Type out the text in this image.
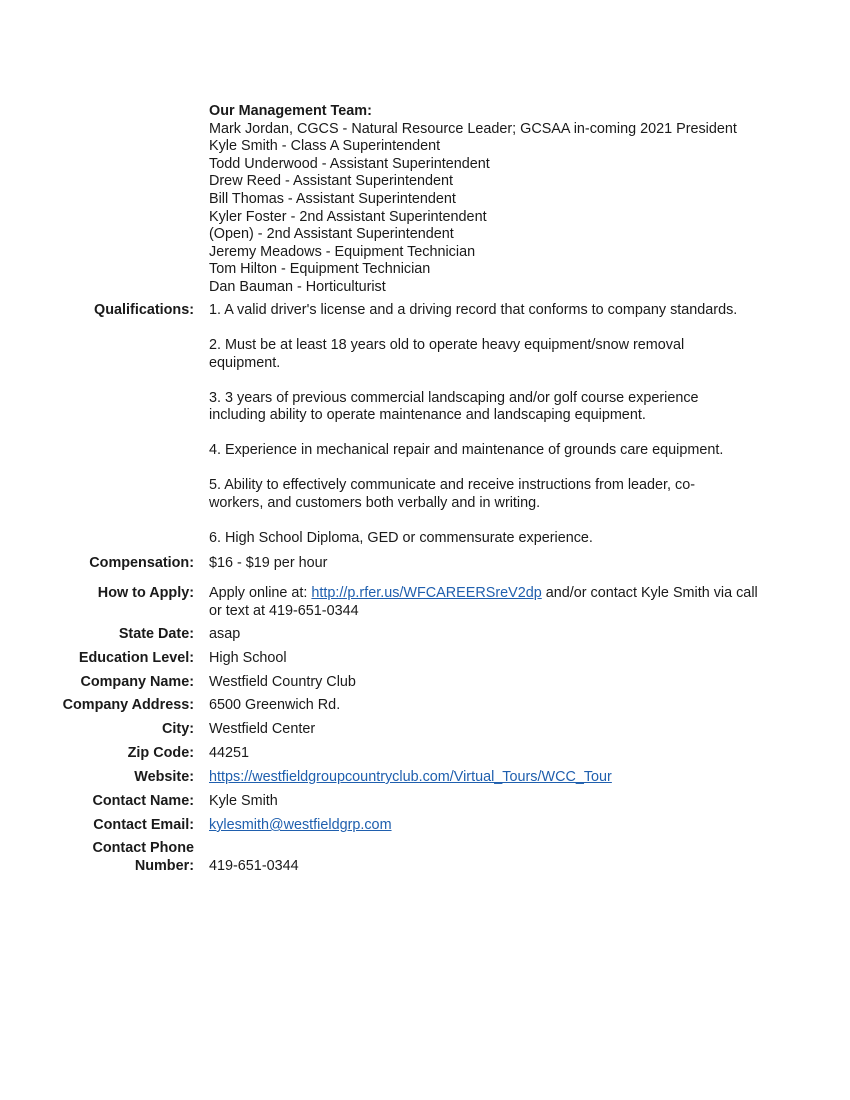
Our Management Team:
Mark Jordan, CGCS - Natural Resource Leader; GCSAA in-coming 2021 President
Kyle Smith - Class A Superintendent
Todd Underwood - Assistant Superintendent
Drew Reed - Assistant Superintendent
Bill Thomas - Assistant Superintendent
Kyler Foster - 2nd Assistant Superintendent
(Open) - 2nd Assistant Superintendent
Jeremy Meadows - Equipment Technician
Tom Hilton - Equipment Technician
Dan Bauman - Horticulturist
Qualifications: 1. A valid driver's license and a driving record that conforms to company standards.

2. Must be at least 18 years old to operate heavy equipment/snow removal equipment.

3. 3 years of previous commercial landscaping and/or golf course experience including ability to operate maintenance and landscaping equipment.

4. Experience in mechanical repair and maintenance of grounds care equipment.

5. Ability to effectively communicate and receive instructions from leader, co-workers, and customers both verbally and in writing.

6. High School Diploma, GED or commensurate experience.

Compensation: $16 - $19 per hour
How to Apply: Apply online at: http://p.rfer.us/WFCAREERSreV2dp and/or contact Kyle Smith via call or text at 419-651-0344
State Date: asap
Education Level: High School
Company Name: Westfield Country Club
Company Address: 6500 Greenwich Rd.
City: Westfield Center
Zip Code: 44251
Website: https://westfieldgroupcountryclub.com/Virtual_Tours/WCC_Tour
Contact Name: Kyle Smith
Contact Email: kylesmith@westfieldgrp.com
Contact Phone
Number: 419-651-0344
